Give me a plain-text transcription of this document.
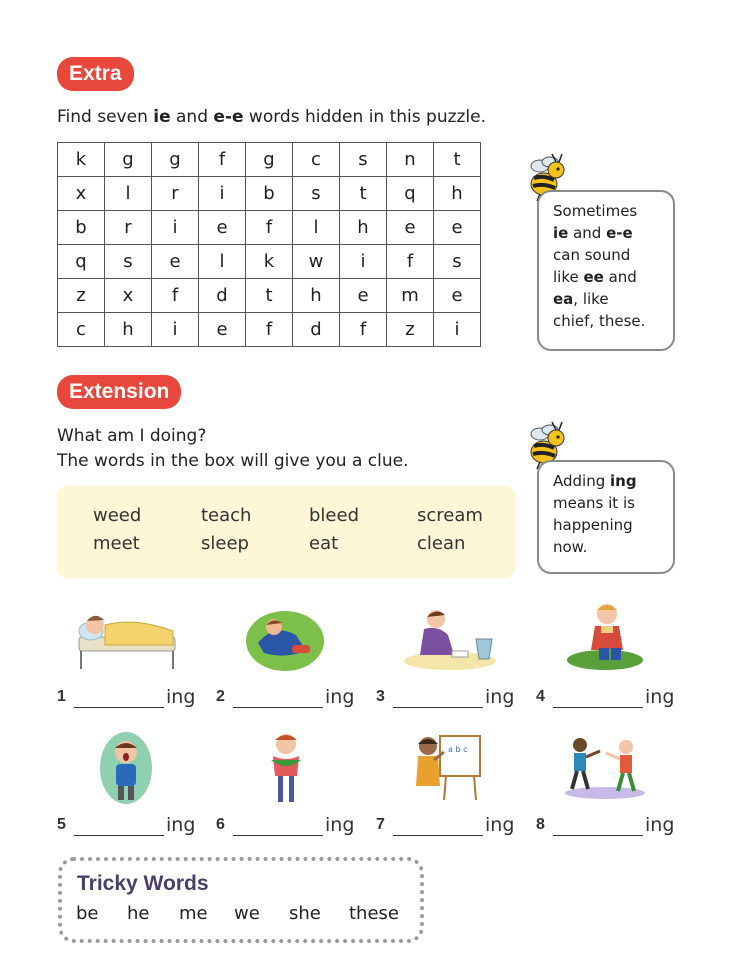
Extra
Find seven ie and e-e words hidden in this puzzle.
k	g	g	f	g	c	s	n	t
x	l	r	i	b	s	t	q	h
b	r	i	e	f	l	h	e	e
q	s	e	l	k	w	i	f	s
z	x	f	d	t	h	e	m	e
c	h	i	e	f	d	f	z	i
Sometimes
ie and e-e
can sound
like ee and
ea, like
chief, these.
Extension
What am I doing?
The words in the box will give you a clue.
Adding ing
means it is
happening
now.
weed	teach	bleed	scream
meet	sleep	eat	clean
1	ing 2	ing 3	ing 4	ing
a b c
5	ing 6	ing 7	ing 8	ing
Tricky Words
be he me we she these
